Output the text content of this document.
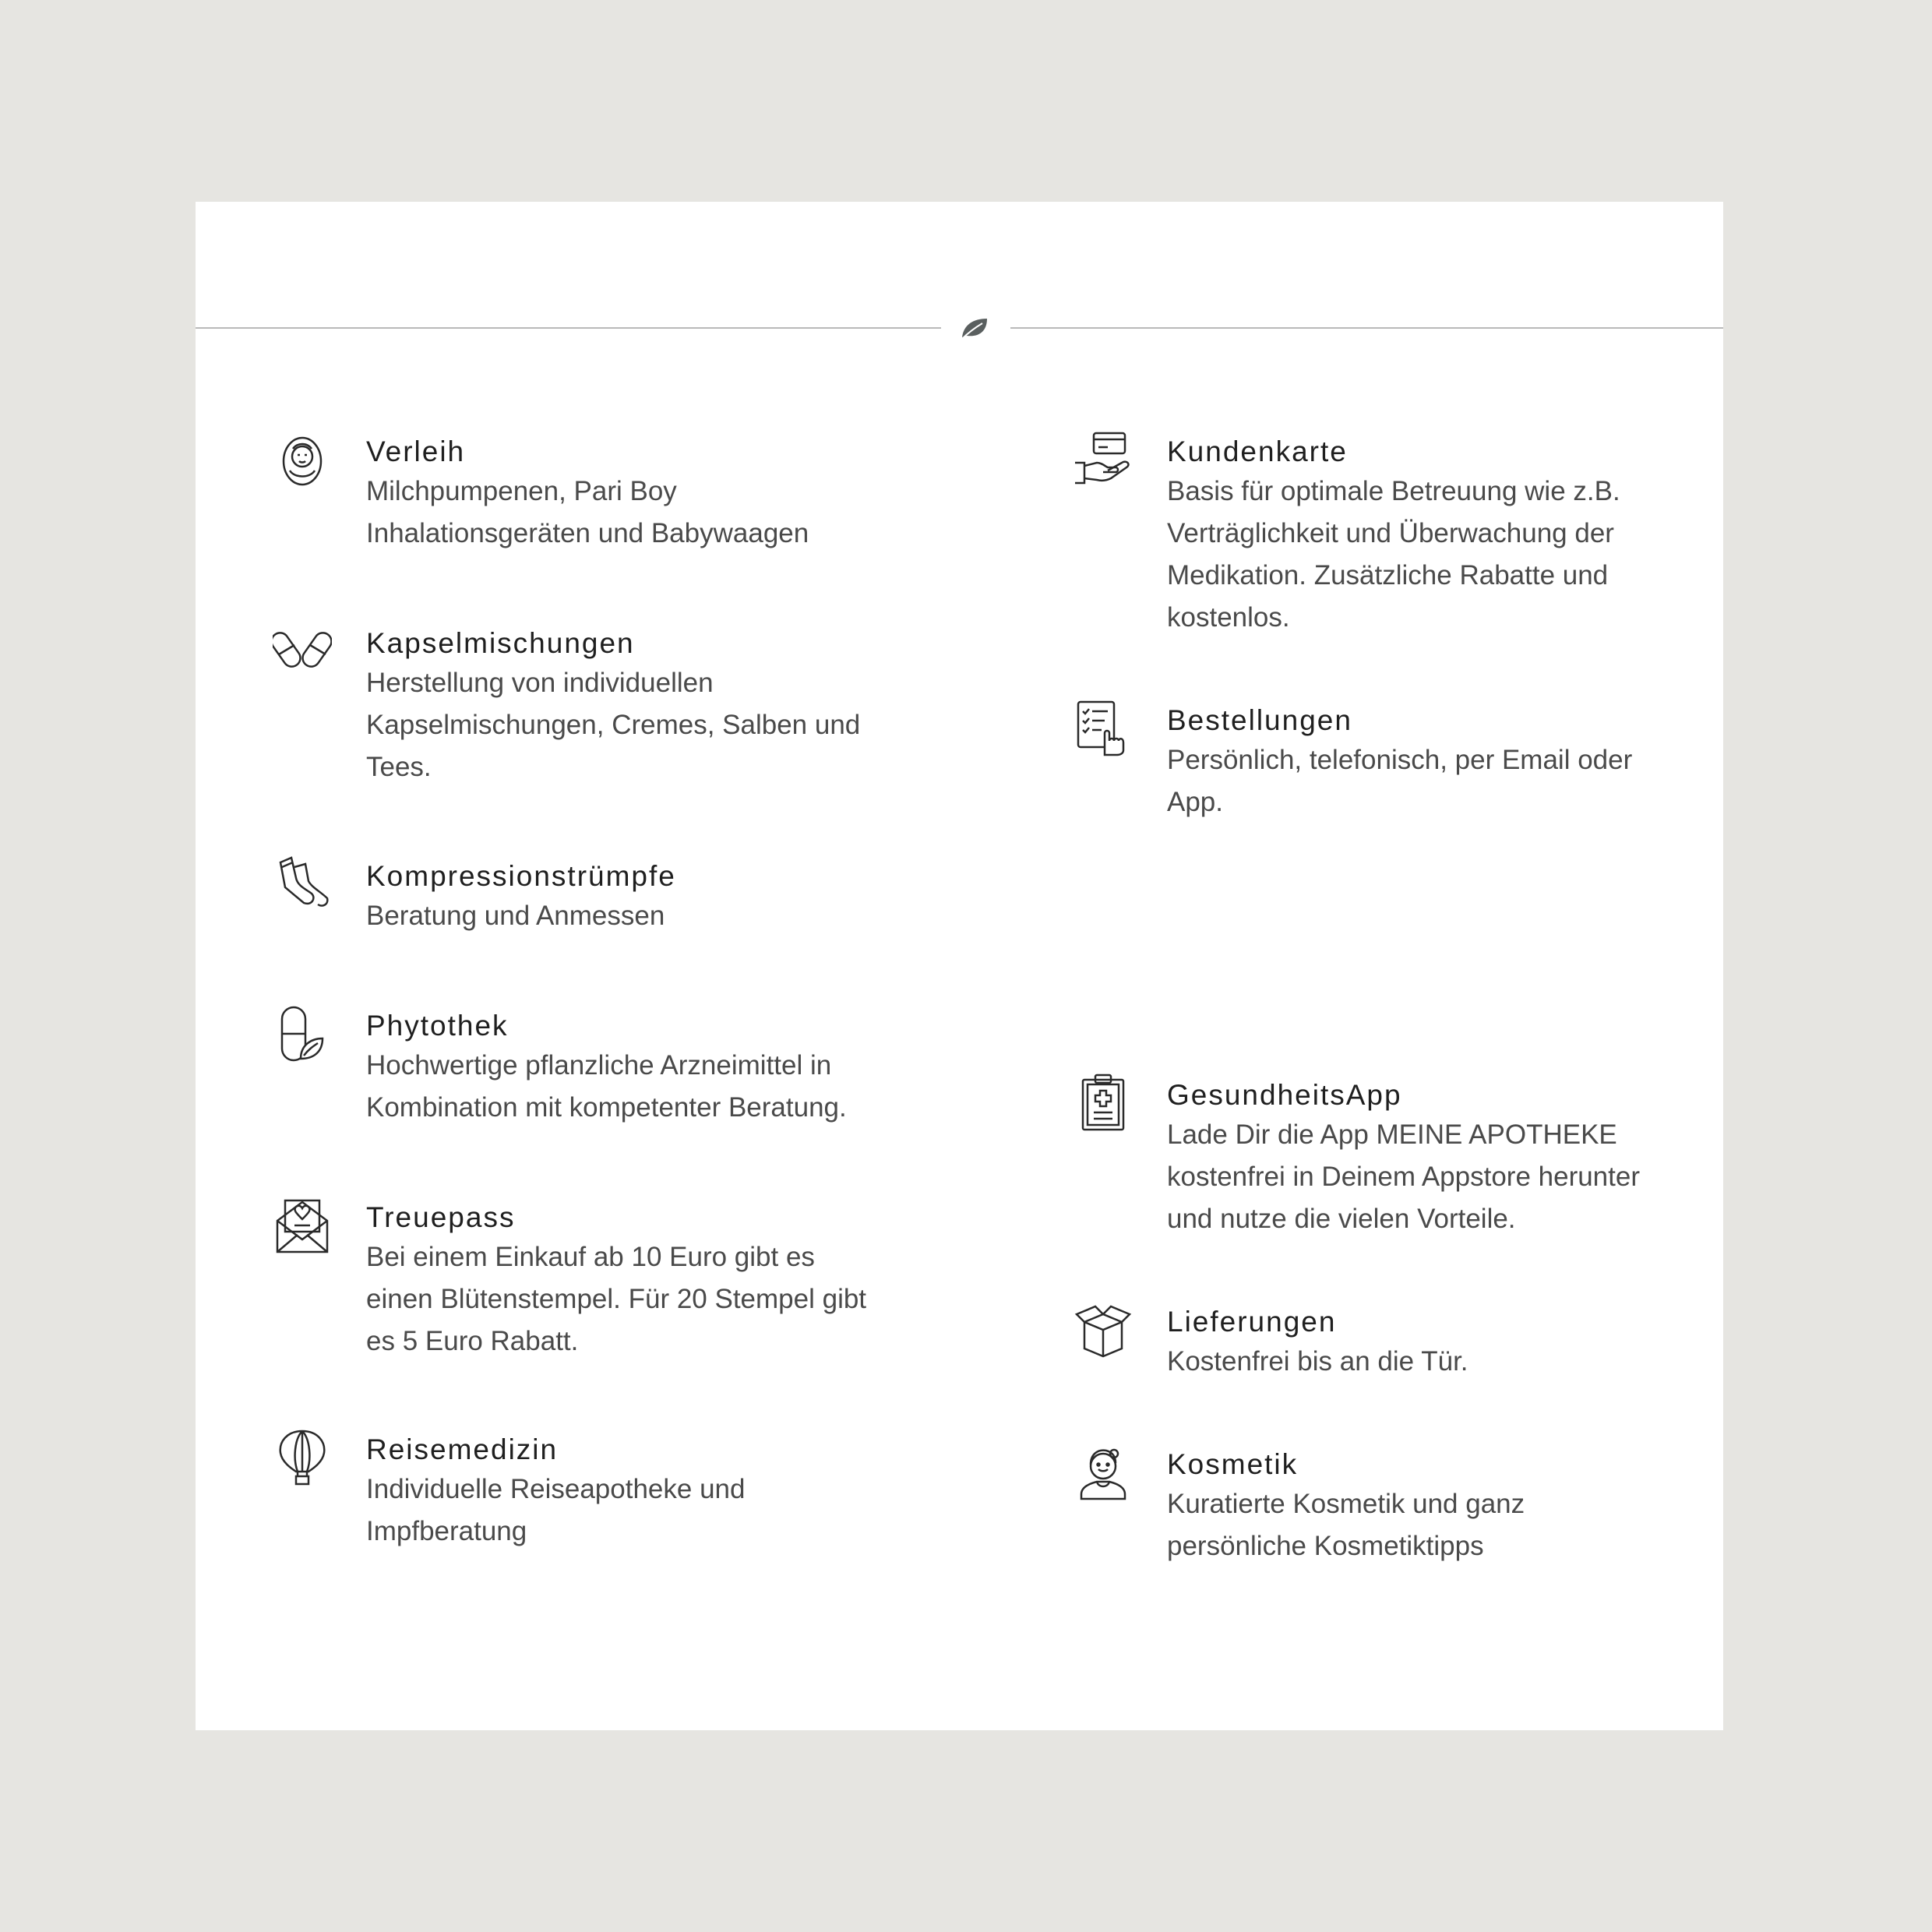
Verleih
Milchpumpenen, Pari Boy
Inhalationsgeräten und Babywaagen
Kapselmischungen
Herstellung von individuellen
Kapselmischungen, Cremes, Salben und
Tees.
Kompressionstrümpfe
Beratung und Anmessen
Phytothek
Hochwertige pflanzliche Arzneimittel in
Kombination mit kompetenter Beratung.
Treuepass
Bei einem Einkauf ab 10 Euro gibt es
einen Blütenstempel. Für 20 Stempel gibt
es 5 Euro Rabatt.
Reisemedizin
Individuelle Reiseapotheke und
Impfberatung
Kundenkarte
Basis für optimale Betreuung wie z.B.
Verträglichkeit und Überwachung der
Medikation. Zusätzliche Rabatte und
kostenlos.
Bestellungen
Persönlich, telefonisch, per Email oder
App.
GesundheitsApp
Lade Dir die App MEINE APOTHEKE
kostenfrei in Deinem Appstore herunter
und nutze die vielen Vorteile.
Lieferungen
Kostenfrei bis an die Tür.
Kosmetik
Kuratierte Kosmetik und ganz
persönliche Kosmetiktipps
